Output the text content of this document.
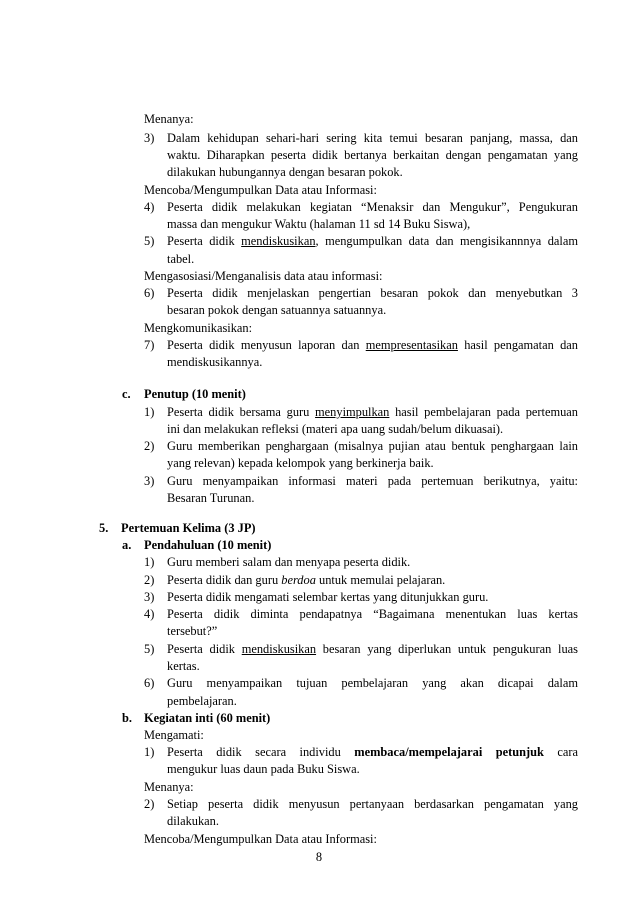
Menanya:
3) Dalam kehidupan sehari-hari sering kita temui besaran panjang, massa, dan
waktu. Diharapkan peserta didik bertanya berkaitan dengan pengamatan yang
dilakukan hubungannya dengan besaran pokok.
Mencoba/Mengumpulkan Data atau Informasi:
4) Peserta didik melakukan kegiatan “Menaksir dan Mengukur”, Pengukuran
massa dan mengukur Waktu (halaman 11 sd 14 Buku Siswa),
5) Peserta didik mendiskusikan, mengumpulkan data dan mengisikannnya dalam
tabel.
Mengasosiasi/Menganalisis data atau informasi:
6) Peserta didik menjelaskan pengertian besaran pokok dan menyebutkan 3
besaran pokok dengan satuannya satuannya.
Mengkomunikasikan:
7) Peserta didik menyusun laporan dan mempresentasikan hasil pengamatan dan
mendiskusikannya.
c. Penutup (10 menit)
1) Peserta didik bersama guru menyimpulkan hasil pembelajaran pada pertemuan
ini dan melakukan refleksi (materi apa uang sudah/belum dikuasai).
2) Guru memberikan penghargaan (misalnya pujian atau bentuk penghargaan lain
yang relevan) kepada kelompok yang berkinerja baik.
3) Guru menyampaikan informasi materi pada pertemuan berikutnya, yaitu:
Besaran Turunan.
5. Pertemuan Kelima (3 JP)
a. Pendahuluan (10 menit)
1) Guru memberi salam dan menyapa peserta didik.
2) Peserta didik dan guru berdoa untuk memulai pelajaran.
3) Peserta didik mengamati selembar kertas yang ditunjukkan guru.
4) Peserta didik diminta pendapatnya “Bagaimana menentukan luas kertas
tersebut?”
5) Peserta didik mendiskusikan besaran yang diperlukan untuk pengukuran luas
kertas.
6) Guru menyampaikan tujuan pembelajaran yang akan dicapai dalam
pembelajaran.
b. Kegiatan inti (60 menit)
Mengamati:
1) Peserta didik secara individu membaca/mempelajarai petunjuk cara
mengukur luas daun pada Buku Siswa.
Menanya:
2) Setiap peserta didik menyusun pertanyaan berdasarkan pengamatan yang
dilakukan.
Mencoba/Mengumpulkan Data atau Informasi:
8
